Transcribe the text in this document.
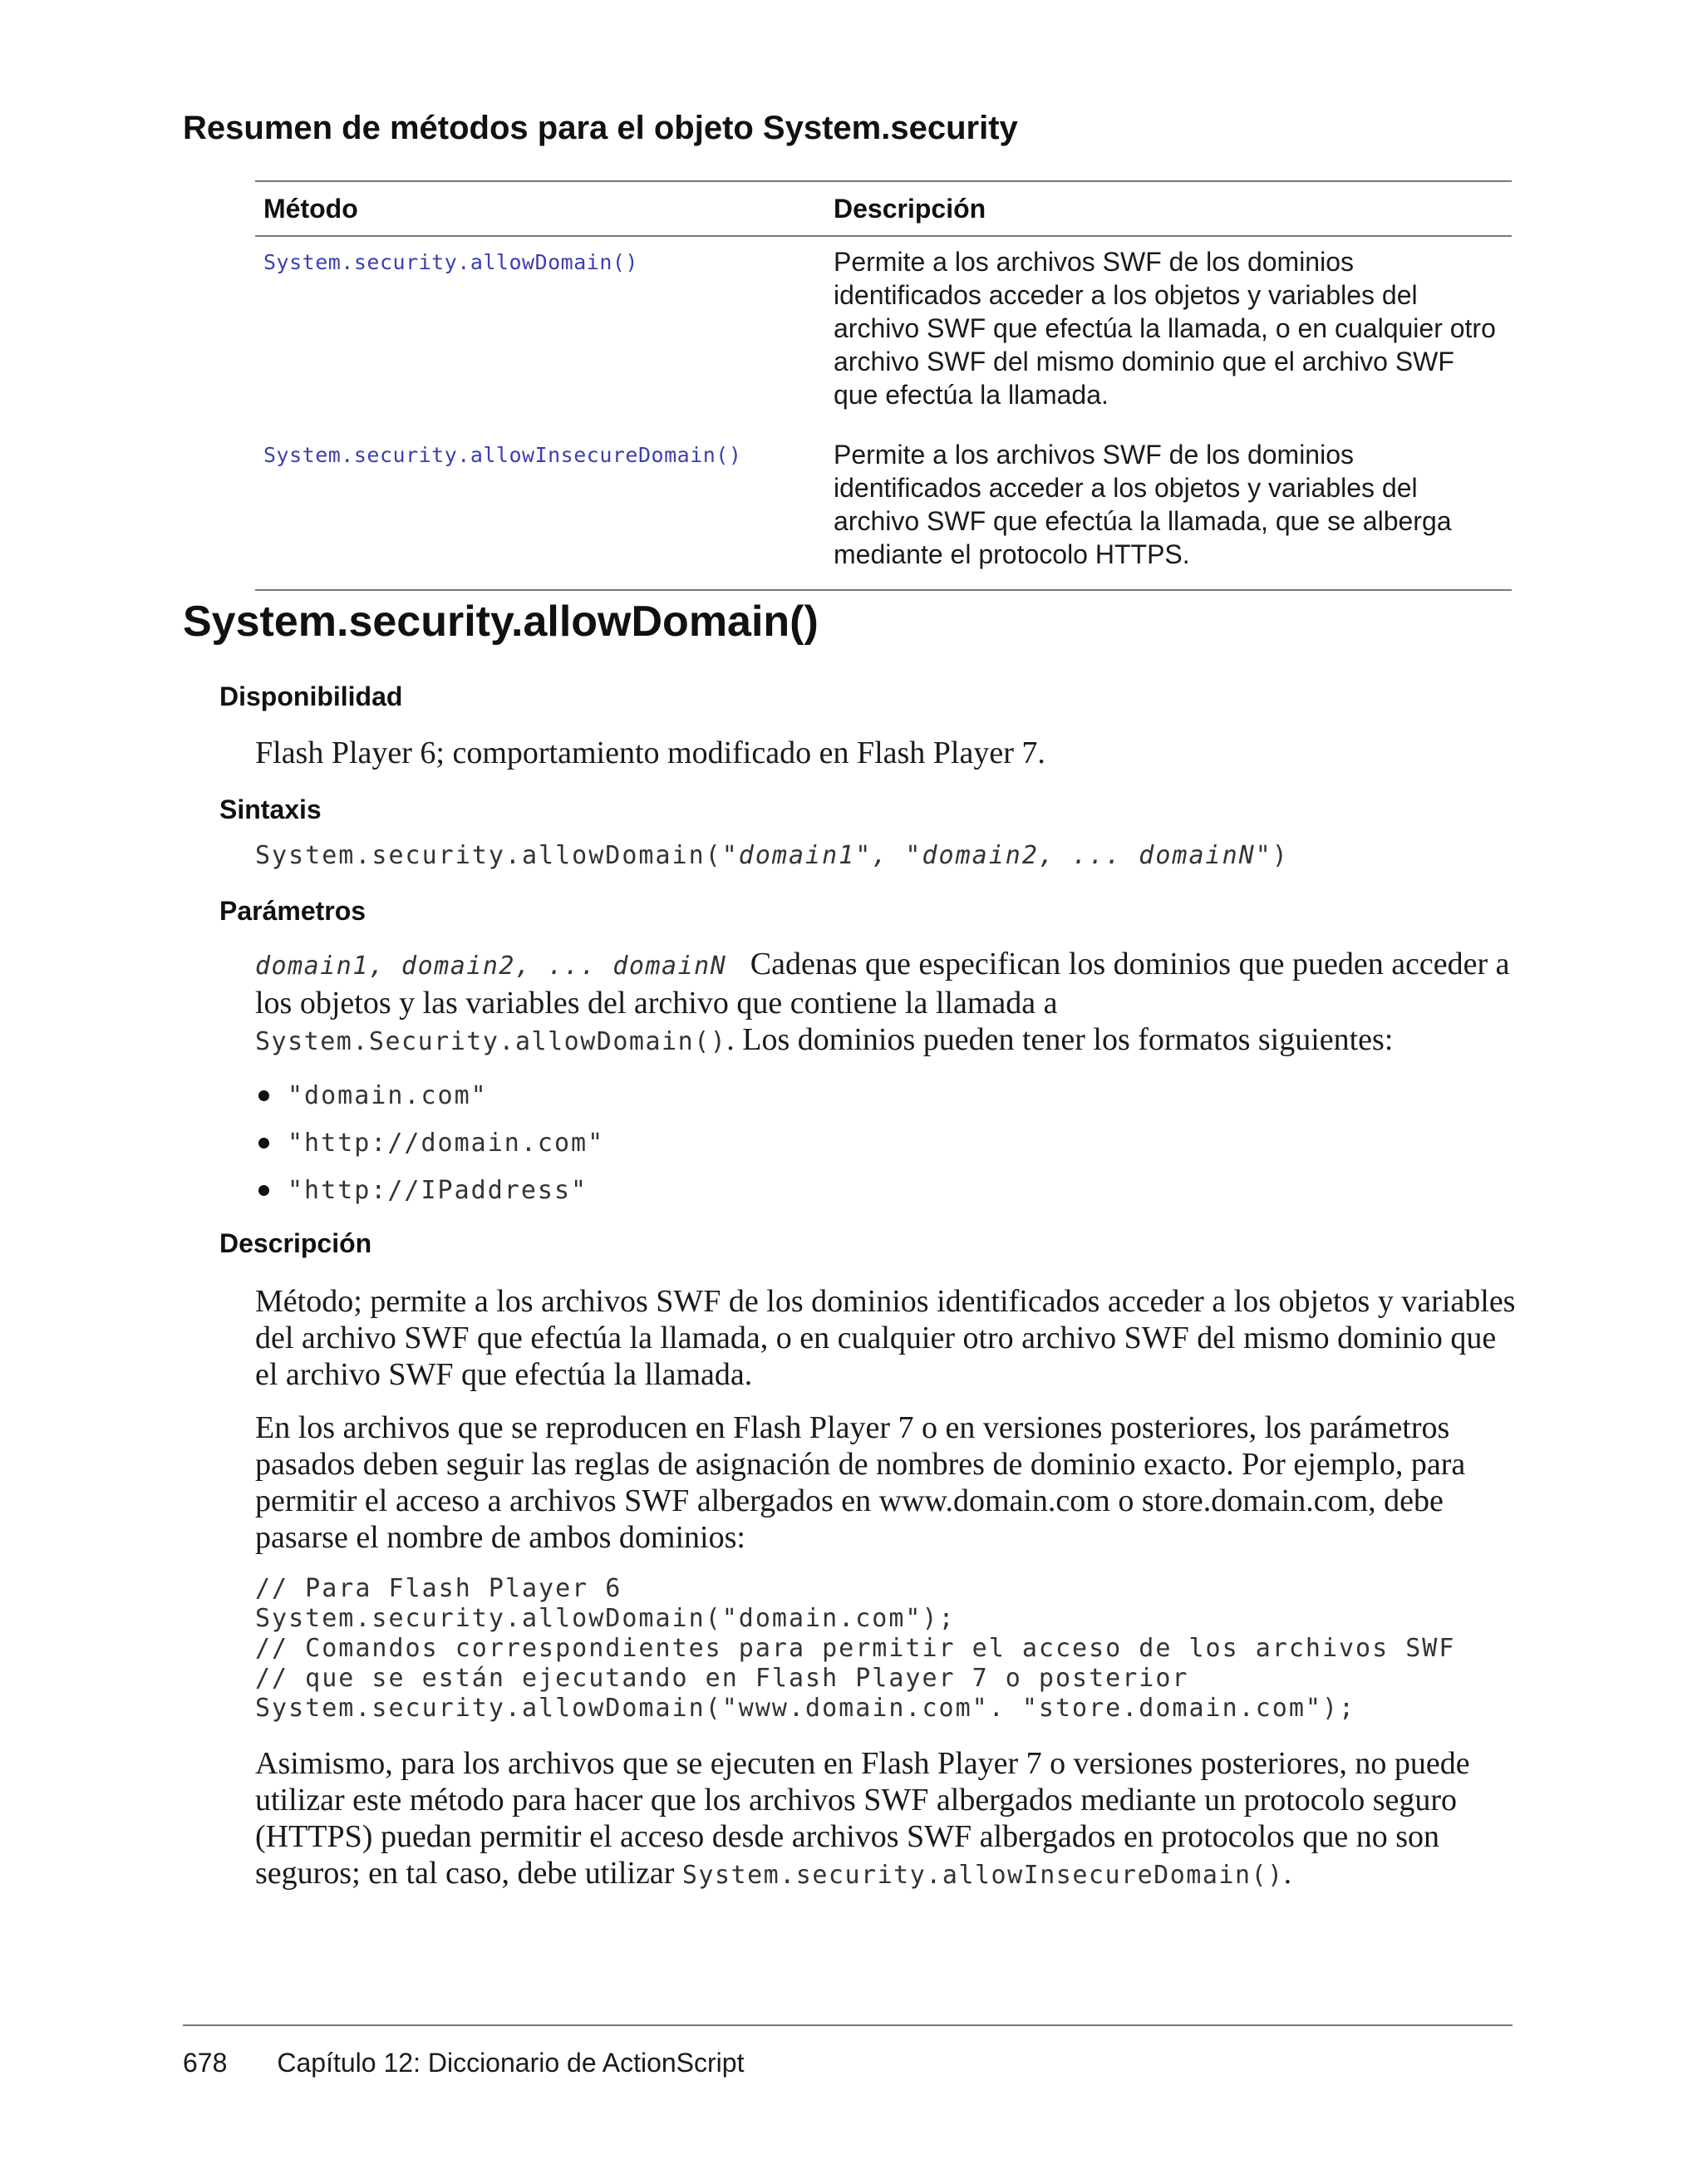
Resumen de métodos para el objeto System.security
Método	Descripción
System.security.allowDomain()	Permite a los archivos SWF de los dominios identificados acceder a los objetos y variables del archivo SWF que efectúa la llamada, o en cualquier otro archivo SWF del mismo dominio que el archivo SWF que efectúa la llamada.
System.security.allowInsecureDomain()	Permite a los archivos SWF de los dominios identificados acceder a los objetos y variables del archivo SWF que efectúa la llamada, que se alberga mediante el protocolo HTTPS.
System.security.allowDomain()
Disponibilidad

Flash Player 6; comportamiento modificado en Flash Player 7.

Sintaxis

System.security.allowDomain("domain1", "domain2, ... domainN")

Parámetros

domain1, domain2, ... domainN Cadenas que especifican los dominios que pueden acceder a los objetos y las variables del archivo que contiene la llamada a
System.Security.allowDomain(). Los dominios pueden tener los formatos siguientes:

"domain.com"
"http://domain.com"
"http://IPaddress"
Descripción

Método; permite a los archivos SWF de los dominios identificados acceder a los objetos y variables del archivo SWF que efectúa la llamada, o en cualquier otro archivo SWF del mismo dominio que el archivo SWF que efectúa la llamada.

En los archivos que se reproducen en Flash Player 7 o en versiones posteriores, los parámetros pasados deben seguir las reglas de asignación de nombres de dominio exacto. Por ejemplo, para permitir el acceso a archivos SWF albergados en www.domain.com o store.domain.com, debe pasarse el nombre de ambos dominios:

// Para Flash Player 6
System.security.allowDomain("domain.com");
// Comandos correspondientes para permitir el acceso de los archivos SWF
// que se están ejecutando en Flash Player 7 o posterior
System.security.allowDomain("www.domain.com". "store.domain.com");

Asimismo, para los archivos que se ejecuten en Flash Player 7 o versiones posteriores, no puede utilizar este método para hacer que los archivos SWF albergados mediante un protocolo seguro (HTTPS) puedan permitir el acceso desde archivos SWF albergados en protocolos que no son seguros; en tal caso, debe utilizar System.security.allowInsecureDomain().

678 Capítulo 12: Diccionario de ActionScript
